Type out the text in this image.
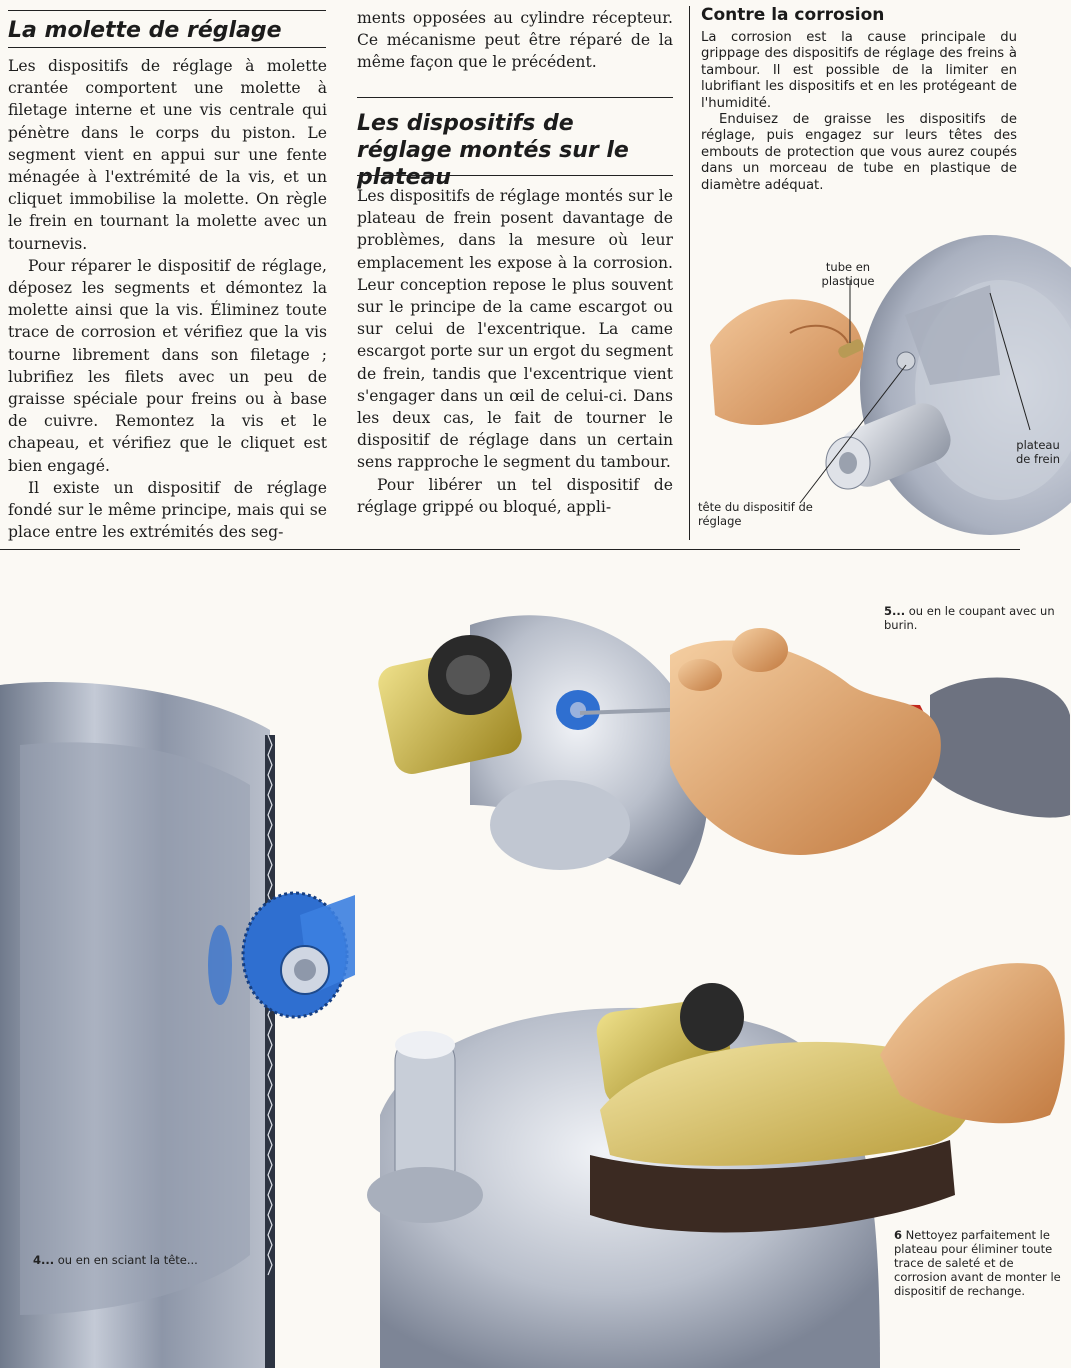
La molette de réglage

Les dispositifs de réglage à molette crantée comportent une molette à filetage interne et une vis centrale qui pénètre dans le corps du piston. Le segment vient en appui sur une fente ménagée à l'extrémité de la vis, et un cliquet immobilise la molette. On règle le frein en tournant la molette avec un tournevis.

Pour réparer le dispositif de réglage, déposez les segments et démontez la molette ainsi que la vis. Éliminez toute trace de corrosion et vérifiez que la vis tourne librement dans son filetage ; lubrifiez les filets avec un peu de graisse spéciale pour freins ou à base de cuivre. Remontez la vis et le chapeau, et vérifiez que le cliquet est bien engagé.

Il existe un dispositif de réglage fondé sur le même principe, mais qui se place entre les extrémités des seg-

ments opposées au cylindre récepteur. Ce mécanisme peut être réparé de la même façon que le précédent.

Les dispositifs de réglage montés sur le plateau

Les dispositifs de réglage montés sur le plateau de frein posent davantage de problèmes, dans la mesure où leur emplacement les expose à la corrosion. Leur conception repose le plus souvent sur le principe de la came escargot ou sur celui de l'excentrique. La came escargot porte sur un ergot du segment de frein, tandis que l'excentrique vient s'engager dans un œil de celui-ci. Dans les deux cas, le fait de tourner le dispositif de réglage dans un certain sens rapproche le segment du tambour.

Pour libérer un tel dispositif de réglage grippé ou bloqué, appli-

Contre la corrosion

La corrosion est la cause principale du grippage des dispositifs de réglage des freins à tambour. Il est possible de la limiter en lubrifiant les dispositifs et en les protégeant de l'humidité.

Enduisez de graisse les dispositifs de réglage, puis engagez sur leurs têtes des embouts de protection que vous aurez coupés dans un morceau de tube en plastique de diamètre adéquat.

tube en plastique
plateau de frein
tête du dispositif de réglage
5... ou en le coupant avec un burin.
4... ou en en sciant la tête...
6 Nettoyez parfaitement le plateau pour éliminer toute trace de saleté et de corrosion avant de monter le dispositif de rechange.
